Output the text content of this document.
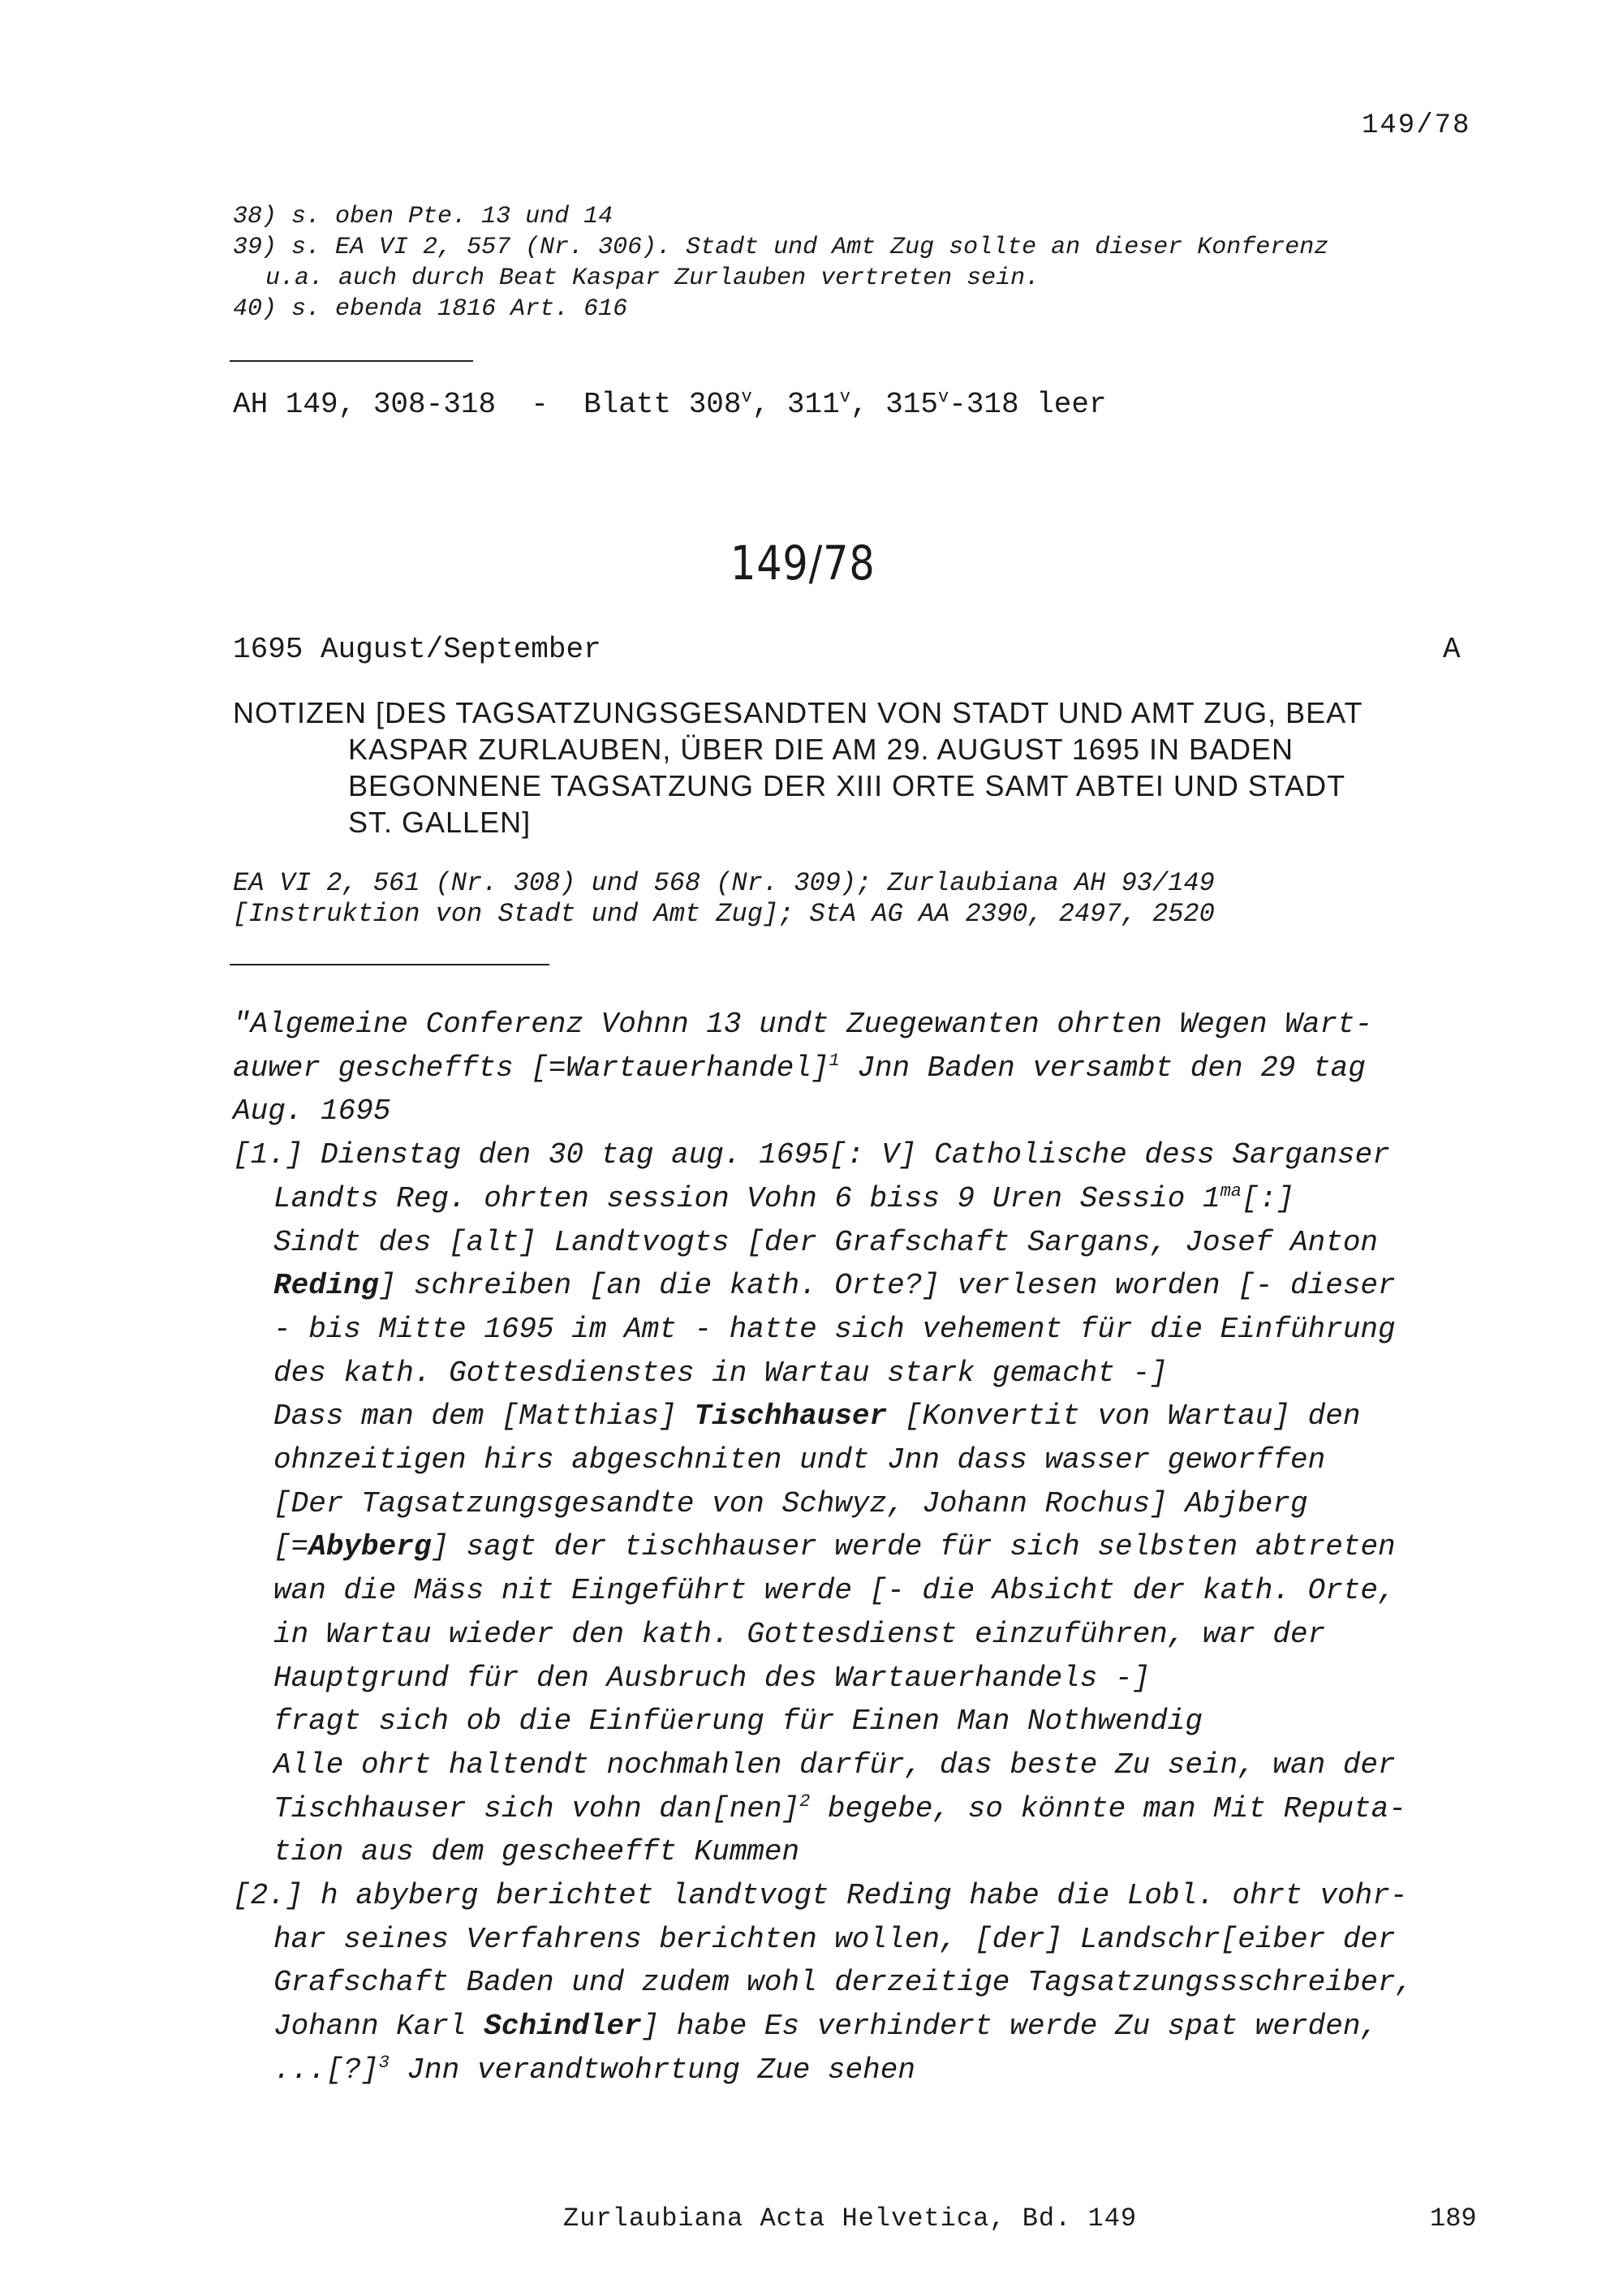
149/78
38) s. oben Pte. 13 und 14
39) s. EA VI 2, 557 (Nr. 306). Stadt und Amt Zug sollte an dieser Konferenz
u.a. auch durch Beat Kaspar Zurlauben vertreten sein.
40) s. ebenda 1816 Art. 616
AH 149, 308-318  -  Blatt 308$^v$, 311$^v$, 315$^v$-318 leer
149/78
1695 August/September	A
NOTIZEN [DES TAGSATZUNGSGESANDTEN VON STADT UND AMT ZUG, BEAT
KASPAR ZURLAUBEN, ÜBER DIE AM 29. AUGUST 1695 IN BADEN
BEGONNENE TAGSATZUNG DER XIII ORTE SAMT ABTEI UND STADT
ST. GALLEN]
EA VI 2, 561 (Nr. 308) und 568 (Nr. 309); Zurlaubiana AH 93/149
[Instruktion von Stadt und Amt Zug]; StA AG AA 2390, 2497, 2520
"Algemeine Conferenz Vohnn 13 undt Zuegewanten ohrten Wegen Wart-
auwer gescheffts [=Wartauerhandel]$^1$ Jnn Baden versambt den 29 tag
Aug. 1695
[1.] Dienstag den 30 tag aug. 1695[: V] Catholische dess Sarganser
Landts Reg. ohrten session Vohn 6 biss 9 Uren Sessio $1^{ma}[:]$
Sindt des [alt] Landtvogts [der Grafschaft Sargans, Josef Anton
Reding] schreiben [an die kath. Orte?] verlesen worden [- dieser
- bis Mitte 1695 im Amt - hatte sich vehement für die Einführung
des kath. Gottesdienstes in Wartau stark gemacht -]
Dass man dem [Matthias] Tischhauser [Konvertit von Wartau] den
ohnzeitigen hirs abgeschniten undt Jnn dass wasser geworffen
[Der Tagsatzungsgesandte von Schwyz, Johann Rochus] Abjberg
[=Abyberg] sagt der tischhauser werde für sich selbsten abtreten
wan die Mäss nit Eingeführt werde [- die Absicht der kath. Orte,
in Wartau wieder den kath. Gottesdienst einzuführen, war der
Hauptgrund für den Ausbruch des Wartauerhandels -]
fragt sich ob die Einfüerung für Einen Man Nothwendig
Alle ohrt haltendt nochmahlen darfür, das beste Zu sein, wan der
Tischhauser sich vohn dan[nen]$^2$ begebe, so könnte man Mit Reputa-
tion aus dem gescheefft Kummen
[2.] h abyberg berichtet landtvogt Reding habe die Lobl. ohrt vohr-
har seines Verfahrens berichten wollen, [der] Landschr[eiber der
Grafschaft Baden und zudem wohl derzeitige Tagsatzungssschreiber,
Johann Karl Schindler] habe Es verhindert werde Zu spat werden,
...[?]$^3$ Jnn verandtwohrtung Zue sehen
Zurlaubiana Acta Helvetica, Bd. 149	189
